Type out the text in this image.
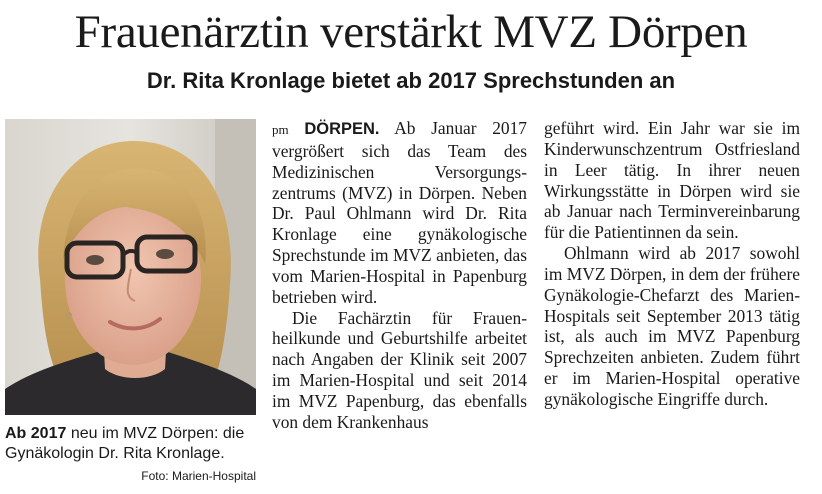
Frauenärztin verstärkt MVZ Dörpen
Dr. Rita Kronlage bietet ab 2017 Sprechstunden an
Ab 2017 neu im MVZ Dörpen: die Gynäkologin Dr. Rita Kronlage.
Foto: Marien-Hospital

pm DÖRPEN. Ab Januar 2017 vergrößert sich das Team des Medizinischen Versorgungszentrums (MVZ) in Dörpen. Neben Dr. Paul Ohlmann wird Dr. Rita Kronlage eine gynäkologische Sprechstunde im MVZ anbieten, das vom Marien-Hospital in Papenburg betrieben wird.

Die Fachärztin für Frauenheilkunde und Geburtshilfe arbeitet nach Angaben der Klinik seit 2007 im Marien-Hospital und seit 2014 im MVZ Papenburg, das ebenfalls von dem Krankenhaus

geführt wird. Ein Jahr war sie im Kinderwunschzentrum Ostfriesland in Leer tätig. In ihrer neuen Wirkungsstätte in Dörpen wird sie ab Januar nach Terminvereinbarung für die Patientinnen da sein.

Ohlmann wird ab 2017 sowohl im MVZ Dörpen, in dem der frühere Gynäkologie-Chefarzt des Marien-Hospitals seit September 2013 tätig ist, als auch im MVZ Papenburg Sprechzeiten anbieten. Zudem führt er im Marien-Hospital operative gynäkologische Eingriffe durch.
